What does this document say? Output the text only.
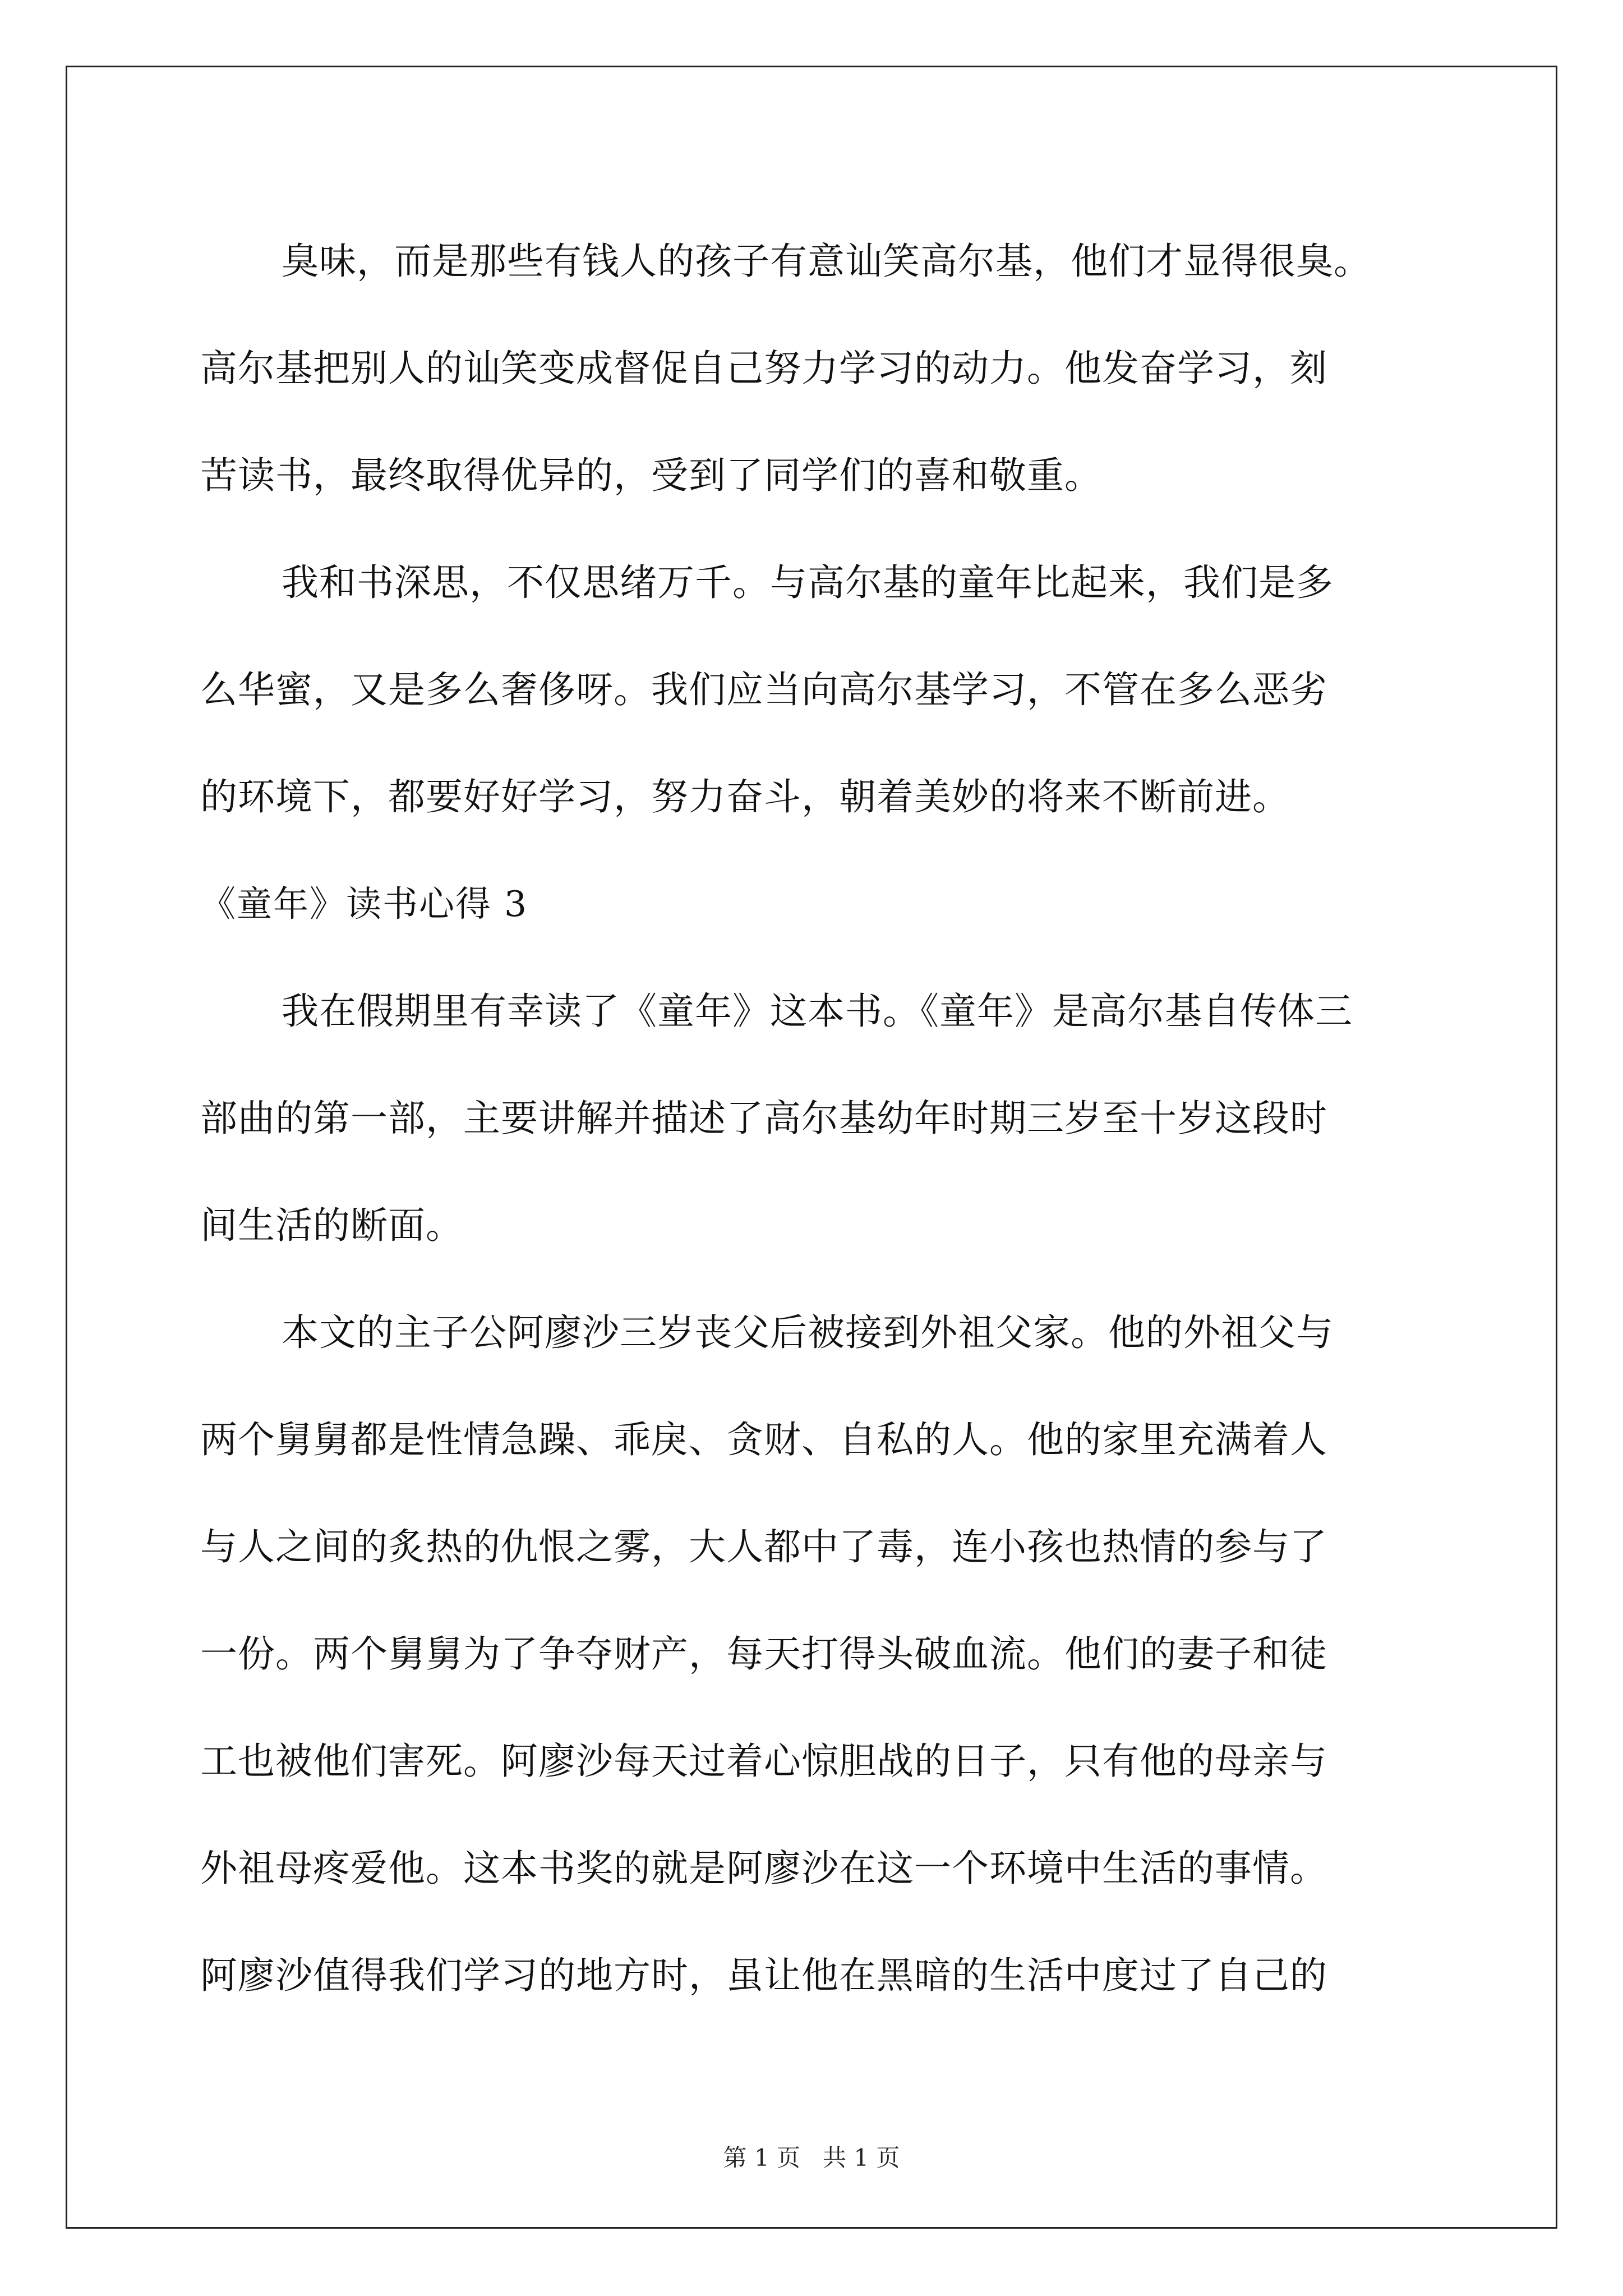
臭味，而是那些有钱人的孩子有意讪笑高尔基，他们才显得很臭。
高尔基把别人的讪笑变成督促自己努力学习的动力。他发奋学习，刻
苦读书，最终取得优异的，受到了同学们的喜和敬重。
我和书深思，不仅思绪万千。与高尔基的童年比起来，我们是多
么华蜜，又是多么奢侈呀。我们应当向高尔基学习，不管在多么恶劣
的环境下，都要好好学习，努力奋斗，朝着美妙的将来不断前进。
《童年》读书心得 3
我在假期里有幸读了《童年》这本书。《童年》是高尔基自传体三
部曲的第一部，主要讲解并描述了高尔基幼年时期三岁至十岁这段时
间生活的断面。
本文的主子公阿廖沙三岁丧父后被接到外祖父家。他的外祖父与
两个舅舅都是性情急躁、乖戾、贪财、自私的人。他的家里充满着人
与人之间的炙热的仇恨之雾，大人都中了毒，连小孩也热情的参与了
一份。两个舅舅为了争夺财产，每天打得头破血流。他们的妻子和徒
工也被他们害死。阿廖沙每天过着心惊胆战的日子，只有他的母亲与
外祖母疼爱他。这本书奖的就是阿廖沙在这一个环境中生活的事情。
阿廖沙值得我们学习的地方时，虽让他在黑暗的生活中度过了自己的
第 1 页   共 1 页
